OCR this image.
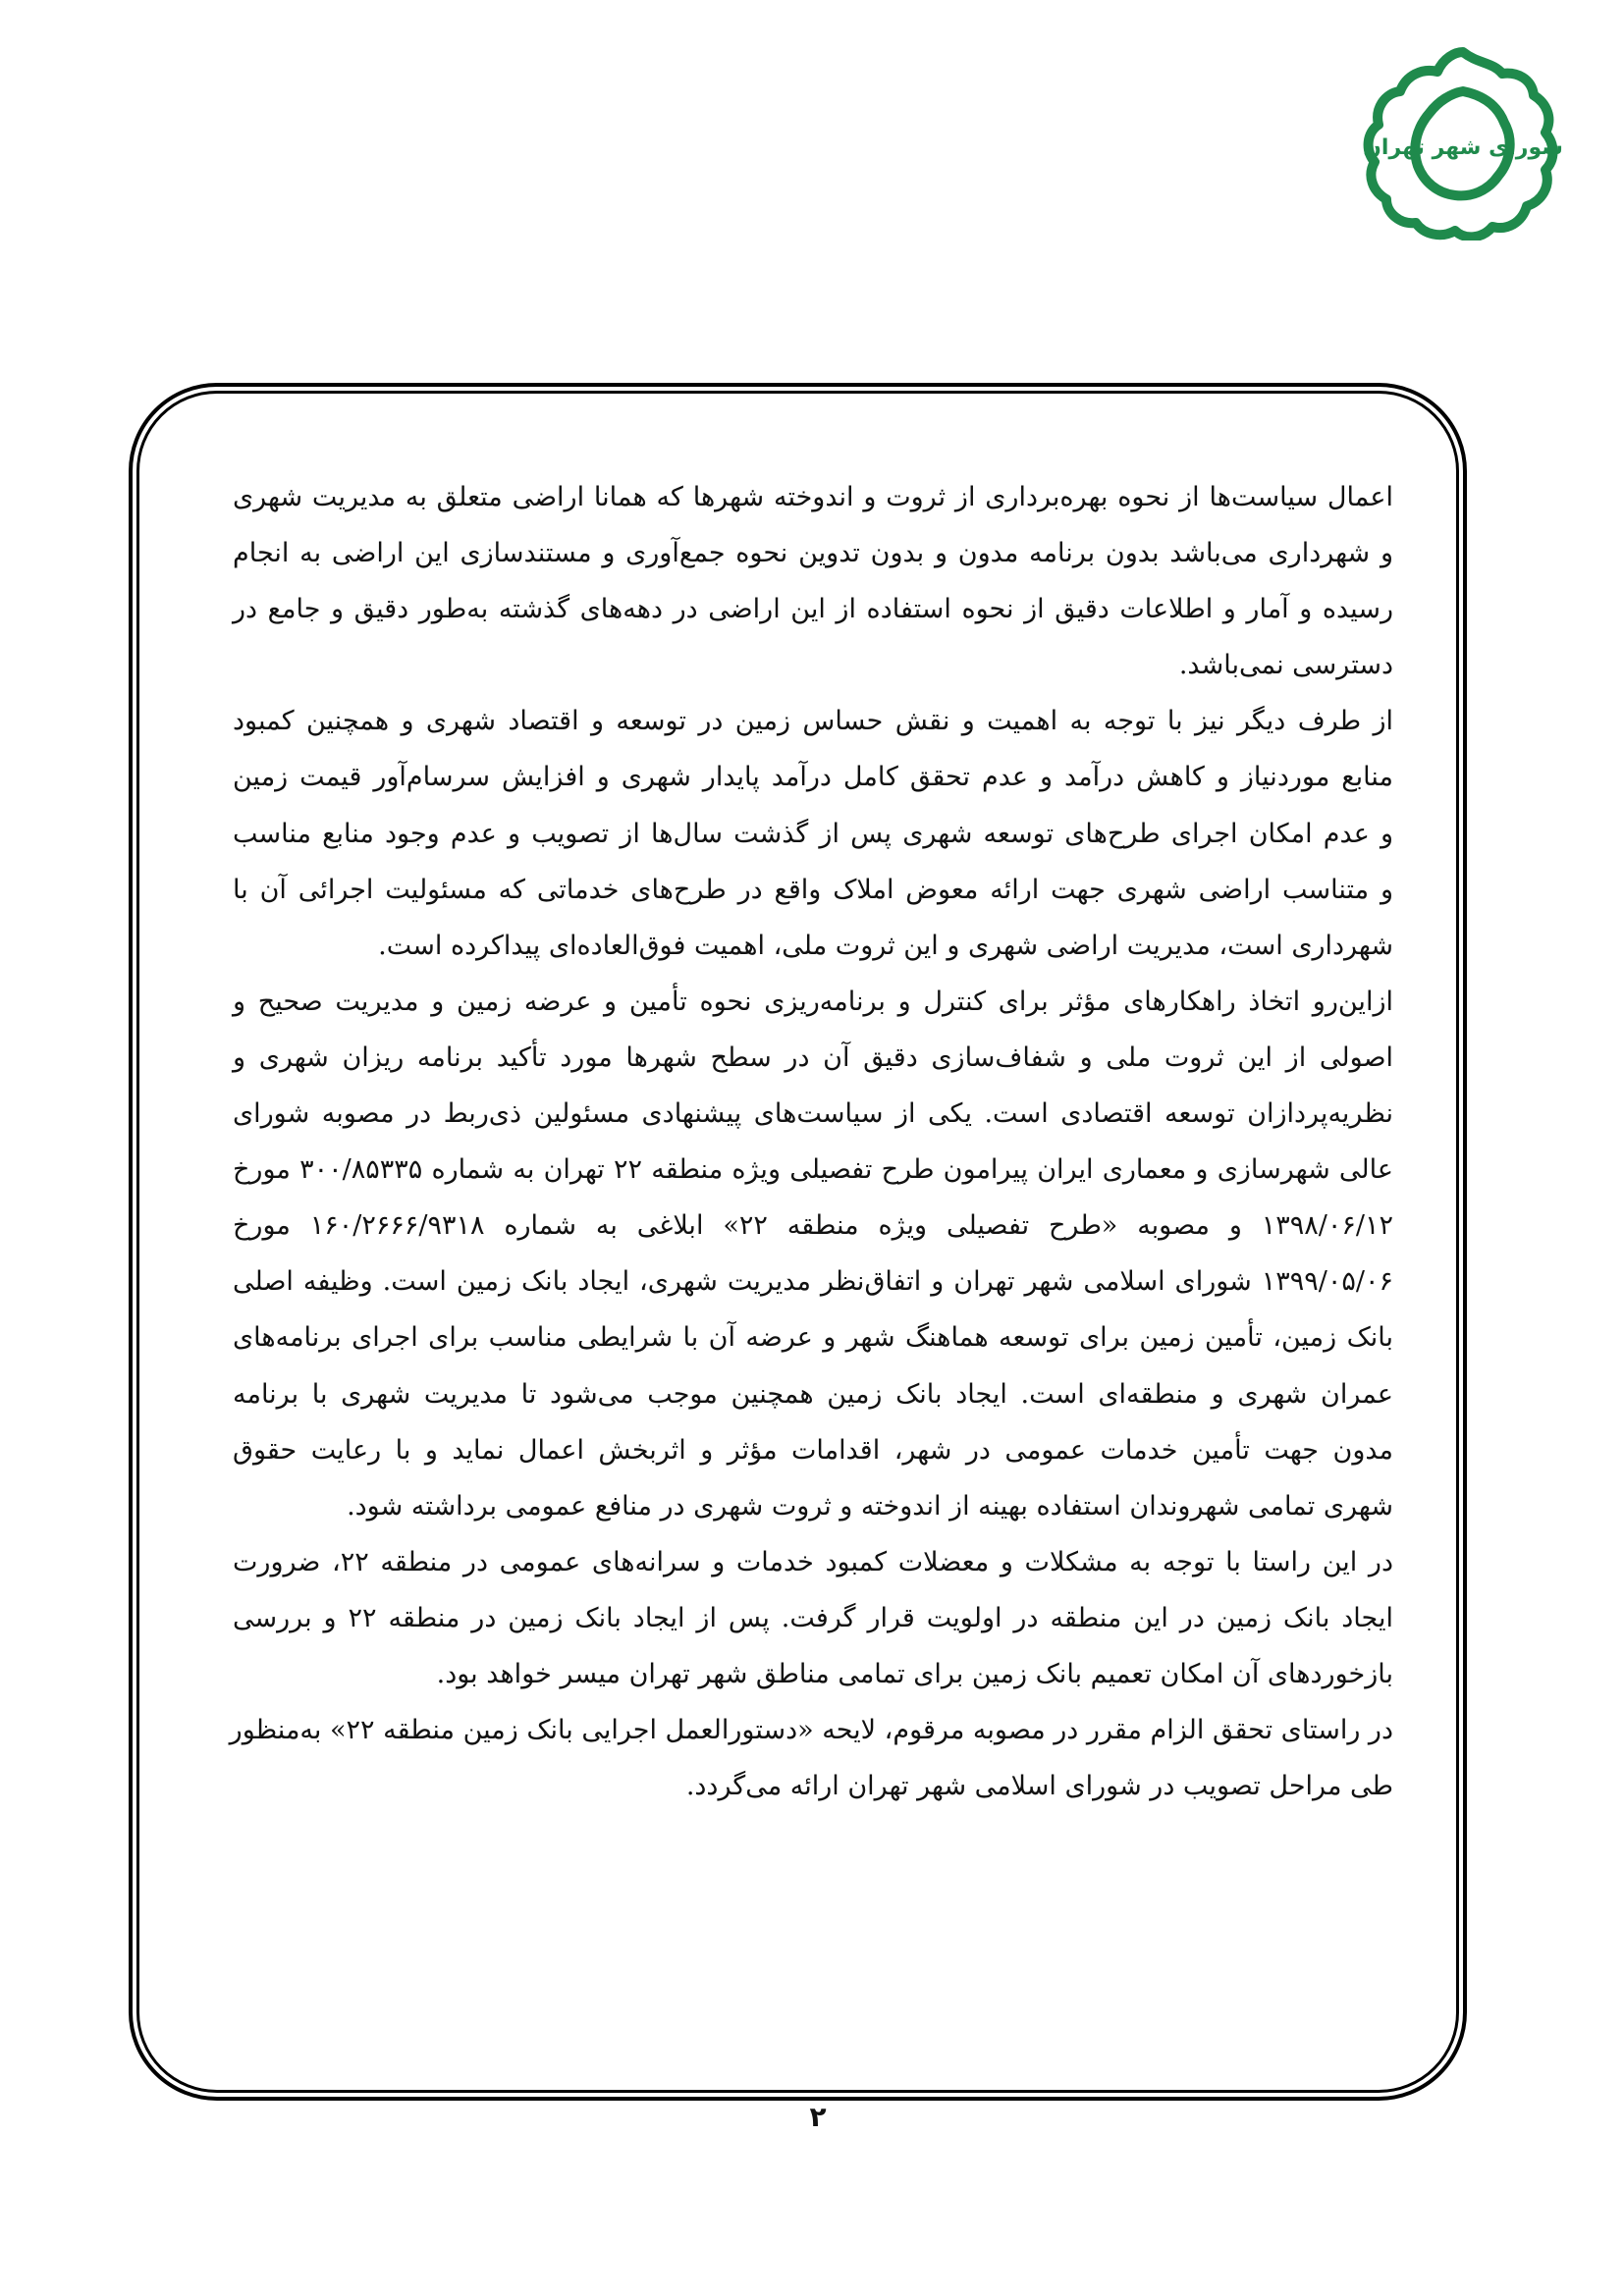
شورای شهر تهران
اعمال سیاست‌ها از نحوه بهره‌برداری از ثروت و اندوخته شهرها که همانا اراضی متعلق به مدیریت شهری
و شهرداری می‌باشد بدون برنامه مدون و بدون تدوین نحوه جمع‌آوری و مستندسازی این اراضی به انجام
رسیده و آمار و اطلاعات دقیق از نحوه استفاده از این اراضی در دهه‌های گذشته به‌طور دقیق و جامع در
دسترسی نمی‌باشد.
از طرف دیگر نیز با توجه به اهمیت و نقش حساس زمین در توسعه و اقتصاد شهری و همچنین کمبود
منابع موردنیاز و کاهش درآمد و عدم تحقق کامل درآمد پایدار شهری و افزایش سرسام‌آور قیمت زمین
و عدم امکان اجرای طرح‌های توسعه شهری پس از گذشت سال‌ها از تصویب و عدم وجود منابع مناسب
و متناسب اراضی شهری جهت ارائه معوض املاک واقع در طرح‌های خدماتی که مسئولیت اجرائی آن با
شهرداری است، مدیریت اراضی شهری و این ثروت ملی، اهمیت فوق‌العاده‌ای پیداکرده است.
ازاین‌رو اتخاذ راهکارهای مؤثر برای کنترل و برنامه‌ریزی نحوه تأمین و عرضه زمین و مدیریت صحیح و
اصولی از این ثروت ملی و شفاف‌سازی دقیق آن در سطح شهرها مورد تأکید برنامه ریزان شهری و
نظریه‌پردازان توسعه اقتصادی است. یکی از سیاست‌های پیشنهادی مسئولین ذی‌ربط در مصوبه شورای
عالی شهرسازی و معماری ایران پیرامون طرح تفصیلی ویژه منطقه ۲۲ تهران به شماره ۳۰۰/۸۵۳۳۵ مورخ
۱۳۹۸/۰۶/۱۲ و مصوبه «طرح تفصیلی ویژه منطقه ۲۲» ابلاغی به شماره ۱۶۰/۲۶۶۶/۹۳۱۸ مورخ
۱۳۹۹/۰۵/۰۶ شورای اسلامی شهر تهران و اتفاق‌نظر مدیریت شهری، ایجاد بانک زمین است. وظیفه اصلی
بانک زمین، تأمین زمین برای توسعه هماهنگ شهر و عرضه آن با شرایطی مناسب برای اجرای برنامه‌های
عمران شهری و منطقه‌ای است. ایجاد بانک زمین همچنین موجب می‌شود تا مدیریت شهری با برنامه
مدون جهت تأمین خدمات عمومی در شهر، اقدامات مؤثر و اثربخش اعمال نماید و با رعایت حقوق
شهری تمامی شهروندان استفاده بهینه از اندوخته و ثروت شهری در منافع عمومی برداشته شود.
در این راستا با توجه به مشکلات و معضلات کمبود خدمات و سرانه‌های عمومی در منطقه ۲۲، ضرورت
ایجاد بانک زمین در این منطقه در اولویت قرار گرفت. پس از ایجاد بانک زمین در منطقه ۲۲ و بررسی
بازخوردهای آن امکان تعمیم بانک زمین برای تمامی مناطق شهر تهران میسر خواهد بود.
در راستای تحقق الزام مقرر در مصوبه مرقوم، لایحه «دستورالعمل اجرایی بانک زمین منطقه ۲۲» به‌منظور
طی مراحل تصویب در شورای اسلامی شهر تهران ارائه می‌گردد.
۲
